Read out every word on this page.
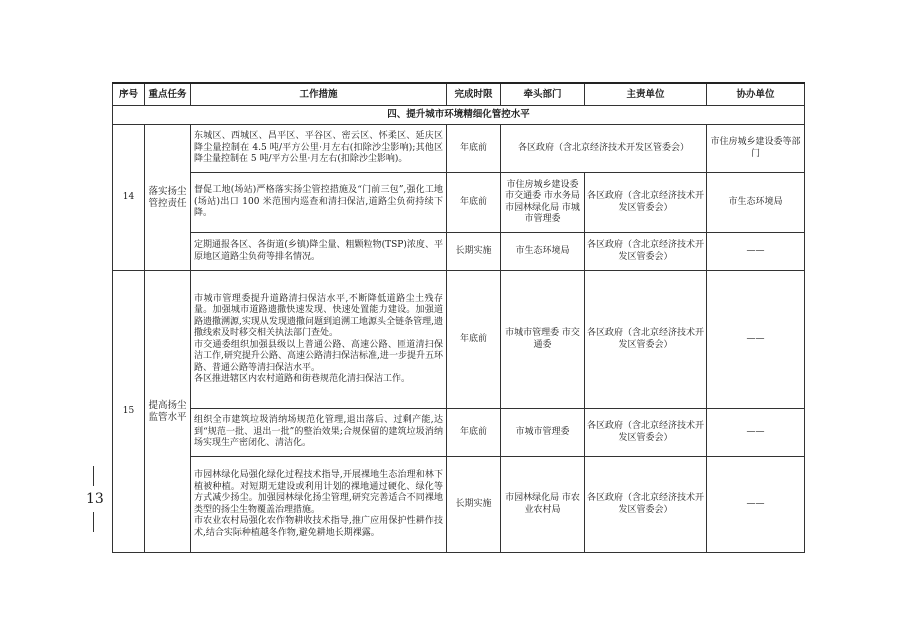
13
序号	重点任务	工作措施	完成时限	牵头部门	主责单位	协办单位
四、提升城市环境精细化管控水平						
14	落实扬尘管控责任	东城区、西城区、昌平区、平谷区、密云区、怀柔区、延庆区降尘量控制在 4.5 吨/平方公里·月左右(扣除沙尘影响);其他区降尘量控制在 5 吨/平方公里·月左右(扣除沙尘影响)。	年底前	各区政府（含北京经济技术开发区管委会）		市住房城乡建设委等部门

		督促工地(场站)严格落实扬尘管控措施及“门前三包”,强化工地(场站)出口 100 米范围内巡查和清扫保洁,道路尘负荷持续下降。	年底前	市住房城乡建设委 市交通委 市水务局 市园林绿化局 市城市管理委	各区政府（含北京经济技术开发区管委会）	市生态环境局

		定期通报各区、各街道(乡镇)降尘量、粗颗粒物(TSP)浓度、平原地区道路尘负荷等排名情况。	长期实施	市生态环境局	各区政府（含北京经济技术开发区管委会）	——
15	提高扬尘监管水平	市城市管理委提升道路清扫保洁水平,不断降低道路尘土残存量。加强城市道路遗撒快速发现、快速处置能力建设。加强道路遗撒溯源,实现从发现遗撒问题到追溯工地源头全链条管理,遗撒线索及时移交相关执法部门查处。
市交通委组织加强县级以上普通公路、高速公路、匝道清扫保洁工作,研究提升公路、高速公路清扫保洁标准,进一步提升五环路、普通公路等清扫保洁水平。
各区推进辖区内农村道路和街巷规范化清扫保洁工作。	年底前	市城市管理委 市交通委	各区政府（含北京经济技术开发区管委会）	——

		组织全市建筑垃圾消纳场规范化管理,退出落后、过剩产能,达到“规范一批、退出一批”的整治效果;合规保留的建筑垃圾消纳场实现生产密闭化、清洁化。	年底前	市城市管理委	各区政府（含北京经济技术开发区管委会）	——

		市园林绿化局强化绿化过程技术指导,开展裸地生态治理和林下植被种植。对短期无建设或利用计划的裸地通过硬化、绿化等方式减少扬尘。加强园林绿化扬尘管理,研究完善适合不同裸地类型的扬尘生物覆盖治理措施。
市农业农村局强化农作物耕收技术指导,推广应用保护性耕作技术,结合实际种植越冬作物,避免耕地长期裸露。	长期实施	市园林绿化局 市农业农村局	各区政府（含北京经济技术开发区管委会）	——
